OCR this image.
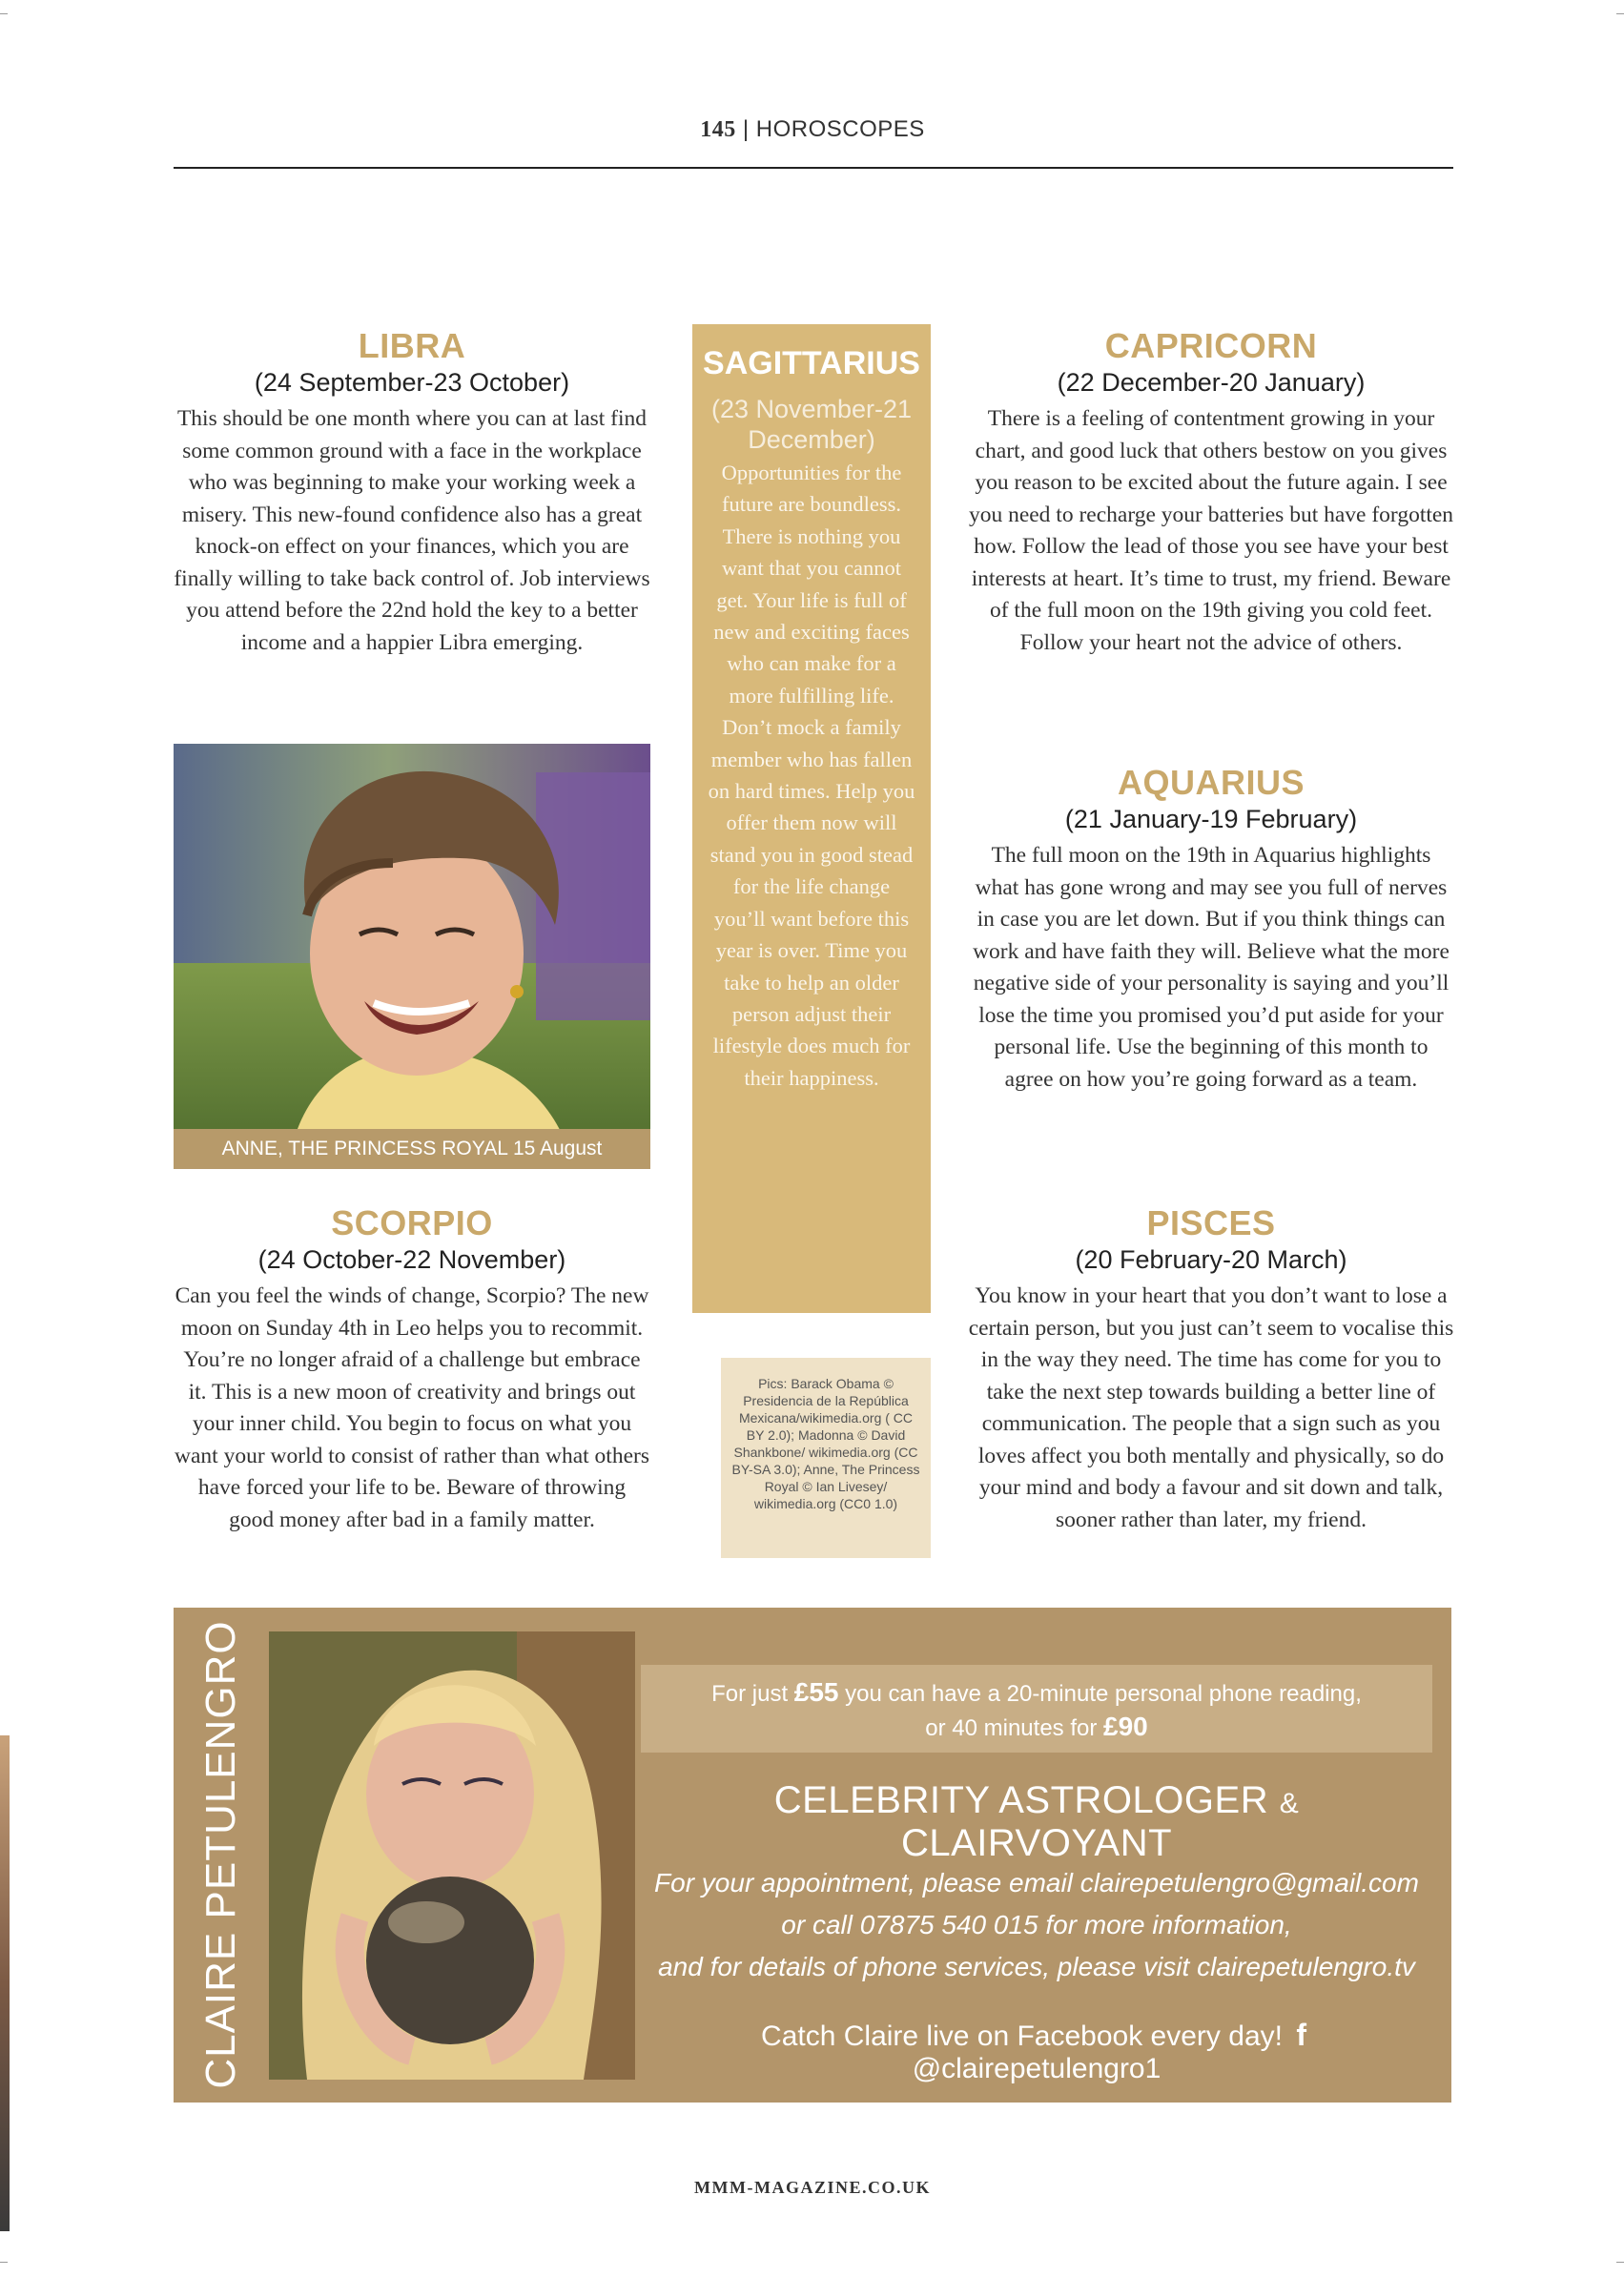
145 | HOROSCOPES
LIBRA
(24 September-23 October)
This should be one month where you can at last find some common ground with a face in the workplace who was beginning to make your working week a misery. This new-found confidence also has a great knock-on effect on your finances, which you are finally willing to take back control of. Job interviews you attend before the 22nd hold the key to a better income and a happier Libra emerging.
ANNE, THE PRINCESS ROYAL 15 August
SCORPIO
(24 October-22 November)
Can you feel the winds of change, Scorpio? The new moon on Sunday 4th in Leo helps you to recommit. You’re no longer afraid of a challenge but embrace it. This is a new moon of creativity and brings out your inner child. You begin to focus on what you want your world to consist of rather than what others have forced your life to be. Beware of throwing good money after bad in a family matter.
SAGITTARIUS
(23 November-21 December)
Opportunities for the future are boundless. There is nothing you want that you cannot get. Your life is full of new and exciting faces who can make for a more fulfilling life. Don’t mock a family member who has fallen on hard times. Help you offer them now will stand you in good stead for the life change you’ll want before this year is over. Time you take to help an older person adjust their lifestyle does much for their happiness.
Pics: Barack Obama © Presidencia de la República Mexicana/wikimedia.org ( CC BY 2.0); Madonna © David Shankbone/ wikimedia.org (CC BY-SA 3.0); Anne, The Princess Royal © Ian Livesey/ wikimedia.org (CC0 1.0)
CAPRICORN
(22 December-20 January)
There is a feeling of contentment growing in your chart, and good luck that others bestow on you gives you reason to be excited about the future again. I see you need to recharge your batteries but have forgotten how. Follow the lead of those you see have your best interests at heart. It’s time to trust, my friend. Beware of the full moon on the 19th giving you cold feet. Follow your heart not the advice of others.
AQUARIUS
(21 January-19 February)
The full moon on the 19th in Aquarius highlights what has gone wrong and may see you full of nerves in case you are let down. But if you think things can work and have faith they will. Believe what the more negative side of your personality is saying and you’ll lose the time you promised you’d put aside for your personal life. Use the beginning of this month to agree on how you’re going forward as a team.
PISCES
(20 February-20 March)
You know in your heart that you don’t want to lose a certain person, but you just can’t seem to vocalise this in the way they need. The time has come for you to take the next step towards building a better line of communication. The people that a sign such as you loves affect you both mentally and physically, so do your mind and body a favour and sit down and talk, sooner rather than later, my friend.
CLAIRE PETULENGRO	For just £55 you can have a 20-minute personal phone reading,
or 40 minutes for £90
CELEBRITY ASTROLOGER & CLAIRVOYANT
For your appointment, please email clairepetulengro@gmail.com
or call 07875 540 015 for more information,
and for details of phone services, please visit clairepetulengro.tv
Catch Claire live on Facebook every day! f @clairepetulengro1
MMM-MAGAZINE.CO.UK
